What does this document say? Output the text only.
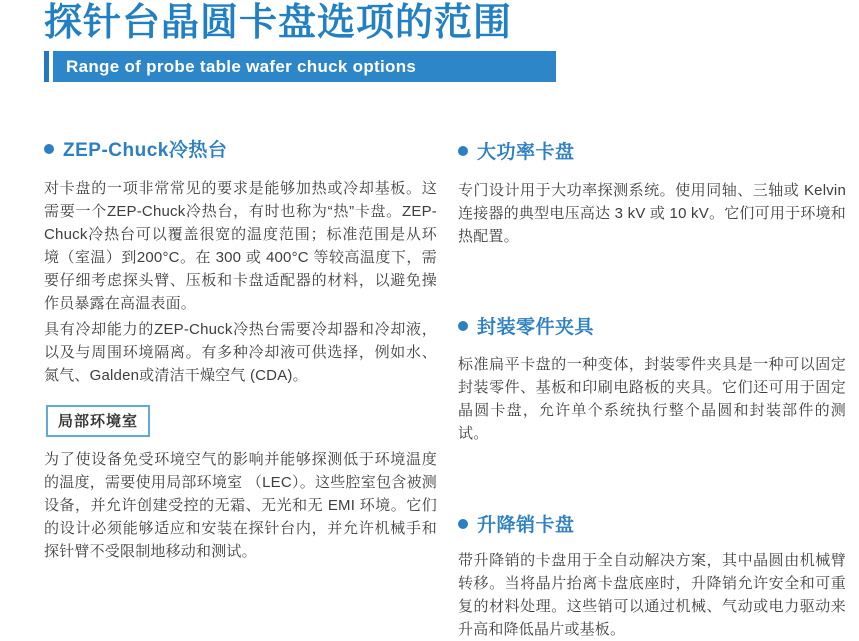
探针台晶圆卡盘选项的范围
Range of probe table wafer chuck options
ZEP-Chuck冷热台

对卡盘的一项非常常见的要求是能够加热或冷却基板。这需要一个ZEP-Chuck冷热台，有时也称为“热”卡盘。ZEP-Chuck冷热台可以覆盖很宽的温度范围；标准范围是从环境（室温）到200°C。在 300 或 400°C 等较高温度下，需要仔细考虑探头臂、压板和卡盘适配器的材料，以避免操作员暴露在高温表面。

具有冷却能力的ZEP-Chuck冷热台需要冷却器和冷却液，以及与周围环境隔离。有多种冷却液可供选择，例如水、氮气、Galden或清洁干燥空气 (CDA)。

局部环境室

为了使设备免受环境空气的影响并能够探测低于环境温度的温度，需要使用局部环境室 （LEC）。这些腔室包含被测设备，并允许创建受控的无霜、无光和无 EMI 环境。它们的设计必须能够适应和安装在探针台内，并允许机械手和探针臂不受限制地移动和测试。

大功率卡盘

专门设计用于大功率探测系统。使用同轴、三轴或 Kelvin 连接器的典型电压高达 3 kV 或 10 kV。它们可用于环境和热配置。

封装零件夹具

标准扁平卡盘的一种变体，封装零件夹具是一种可以固定封装零件、基板和印刷电路板的夹具。它们还可用于固定晶圆卡盘，允许单个系统执行整个晶圆和封装部件的测试。

升降销卡盘

带升降销的卡盘用于全自动解决方案，其中晶圆由机械臂转移。当将晶片抬离卡盘底座时，升降销允许安全和可重复的材料处理。这些销可以通过机械、气动或电力驱动来升高和降低晶片或基板。
